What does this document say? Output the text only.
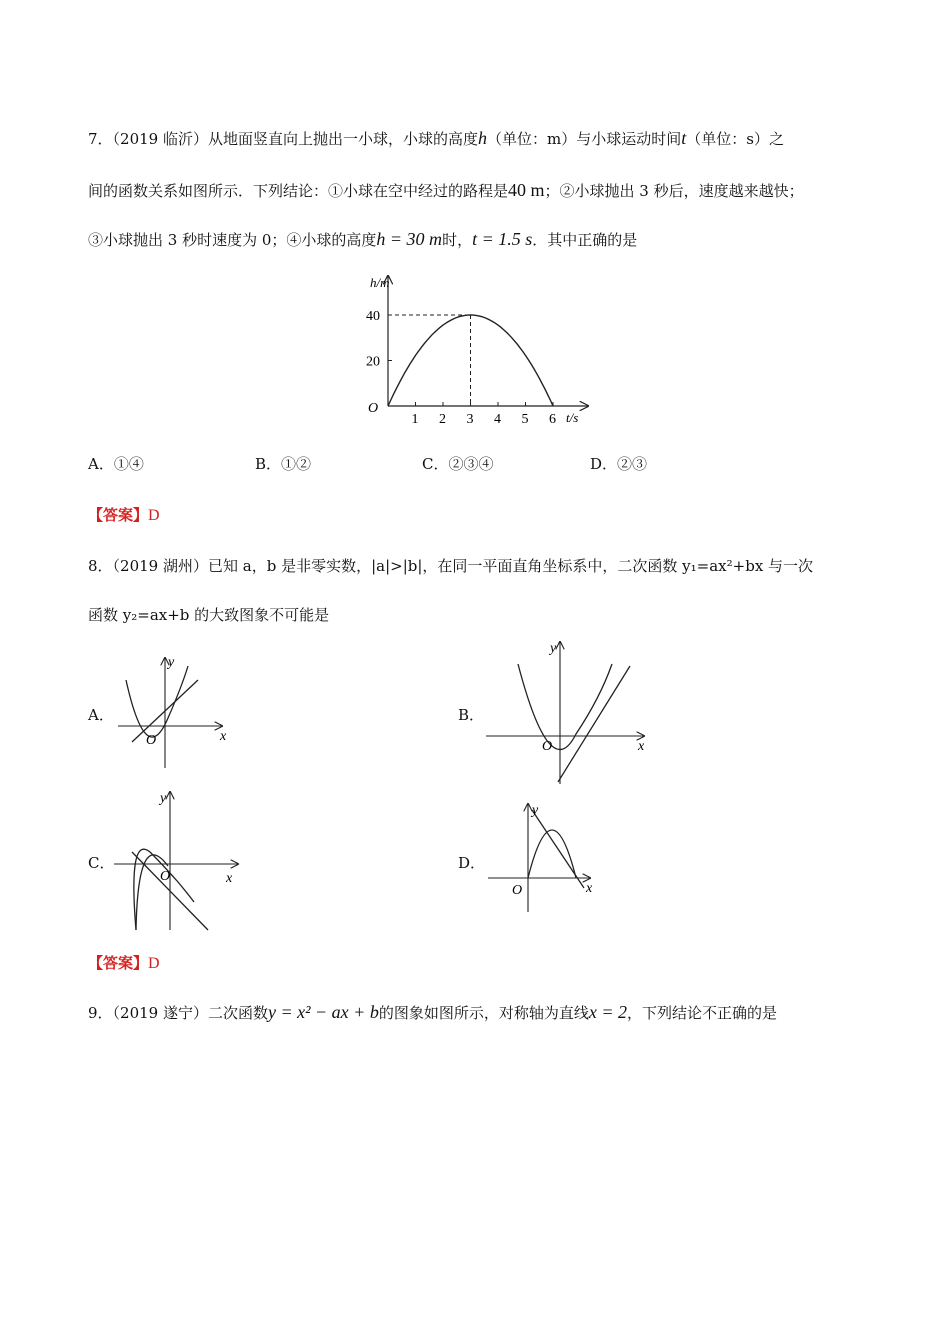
7．（2019 临沂）从地面竖直向上抛出一小球，小球的高度h（单位：m）与小球运动时间t（单位：s）之
间的函数关系如图所示．下列结论：①小球在空中经过的路程是40 m；②小球抛出 3 秒后，速度越来越快；
③小球抛出 3 秒时速度为 0；④小球的高度h = 30 m时，t = 1.5 s．其中正确的是
h/m
t/s
O
1 2 3 4 5 6
20
40
A．①④	B．①②	C．②③④	D．②③
【答案】D
8．（2019 湖州）已知 a，b 是非零实数，|a|>|b|，在同一平面直角坐标系中，二次函数 y₁=ax²+bx 与一次
函数 y₂=ax+b 的大致图象不可能是
A．
y
x
O
B．
y
x
O
C．
y
x
O
D．
y
x
O
【答案】D
9．（2019 遂宁）二次函数y = x² − ax + b的图象如图所示，对称轴为直线x = 2，下列结论不正确的是
